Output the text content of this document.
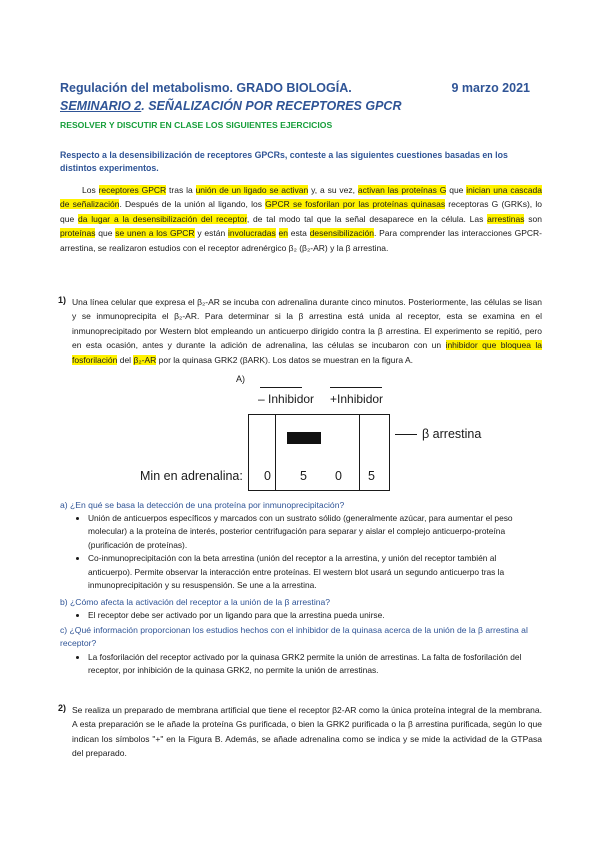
Regulación del metabolismo. GRADO BIOLOGÍA.	9 marzo 2021
SEMINARIO 2. SEÑALIZACIÓN POR RECEPTORES GPCR
RESOLVER Y DISCUTIR EN CLASE LOS SIGUIENTES EJERCICIOS
Respecto a la desensibilización de receptores GPCRs, conteste a las siguientes cuestiones basadas en los distintos experimentos.

Los receptores GPCR tras la unión de un ligado se activan y, a su vez, activan las proteínas G que inician una cascada de señalización. Después de la unión al ligando, los GPCR se fosforilan por las proteínas quinasas receptoras G (GRKs), lo que da lugar a la desensibilización del receptor, de tal modo tal que la señal desaparece en la célula. Las arrestinas son proteínas que se unen a los GPCR y están involucradas en esta desensibilización. Para comprender las interacciones GPCR-arrestina, se realizaron estudios con el receptor adrenérgico β₂ (β₂-AR) y la β arrestina.

1) Una línea celular que expresa el β₂-AR se incuba con adrenalina durante cinco minutos. Posteriormente, las células se lisan y se inmunoprecipita el β₂-AR. Para determinar si la β arrestina está unida al receptor, esta se examina en el inmunoprecipitado por Western blot empleando un anticuerpo dirigido contra la β arrestina. El experimento se repitió, pero en esta ocasión, antes y durante la adición de adrenalina, las células se incubaron con un inhibidor que bloquea la fosforilación del β₂-AR por la quinasa GRK2 (βARK). Los datos se muestran en la figura A.

A)
– Inhibidor +Inhibidor
β arrestina
Min en adrenalina: 0 5 0 5
a) ¿En qué se basa la detección de una proteína por inmunoprecipitación?
• Unión de anticuerpos específicos y marcados con un sustrato sólido (generalmente azúcar, para aumentar el peso molecular) a la proteína de interés, posterior centrifugación para separar y aislar el complejo anticuerpo-proteína (purificación de proteínas).
• Co-inmunoprecipitación con la beta arrestina (unión del receptor a la arrestina, y unión del receptor también al anticuerpo). Permite observar la interacción entre proteínas. El western blot usará un segundo anticuerpo tras la inmunoprecipitación y su resuspensión. Se une a la arrestina.
b) ¿Cómo afecta la activación del receptor a la unión de la β arrestina?
• El receptor debe ser activado por un ligando para que la arrestina pueda unirse.
c) ¿Qué información proporcionan los estudios hechos con el inhibidor de la quinasa acerca de la unión de la β arrestina al receptor?
• La fosforilación del receptor activado por la quinasa GRK2 permite la unión de arrestinas. La falta de fosforilación del receptor, por inhibición de la quinasa GRK2, no permite la unión de arrestinas.
2) Se realiza un preparado de membrana artificial que tiene el receptor β2-AR como la única proteína integral de la membrana. A esta preparación se le añade la proteína Gs purificada, o bien la GRK2 purificada o la β arrestina purificada, según lo que indican los símbolos "+" en la Figura B. Además, se añade adrenalina como se indica y se mide la actividad de la GTPasa del preparado.
